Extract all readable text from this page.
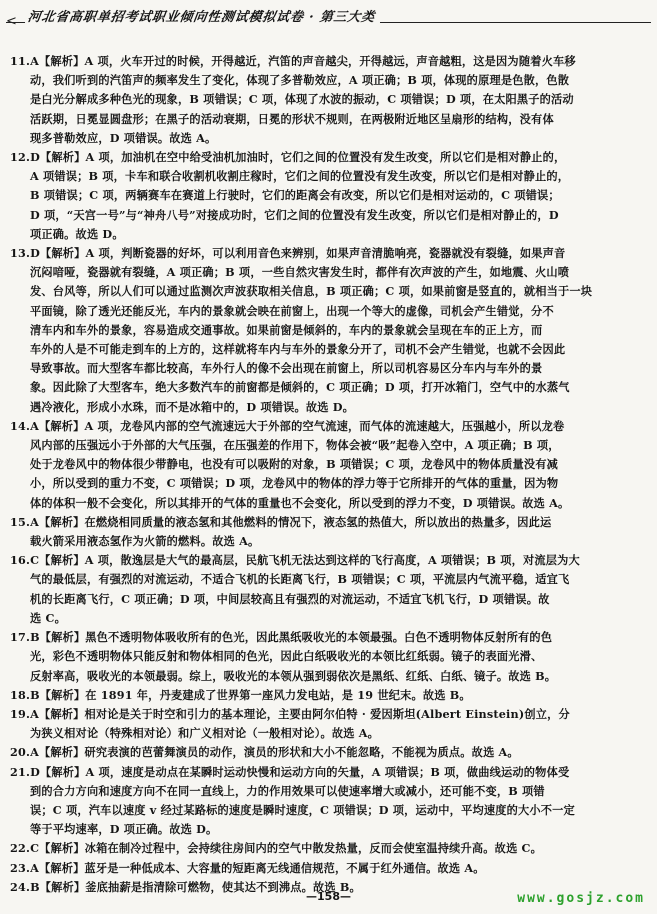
< 河北省高职单招考试职业倾向性测试模拟试卷 · 第三大类
11.A【解析】A 项，火车开过的时候，开得越近，汽笛的声音越尖，开得越远，声音越粗，这是因为随着火车移
动，我们听到的汽笛声的频率发生了变化，体现了多普勒效应，A 项正确；B 项，体现的原理是色散，色散
是白光分解成多种色光的现象，B 项错误；C 项，体现了水波的振动，C 项错误；D 项，在太阳黑子的活动
活跃期，日冕显圆盘形；在黑子的活动衰期，日冕的形状不规则，在两极附近地区呈扇形的结构，没有体
现多普勒效应，D 项错误。故选 A。
12.D【解析】A 项，加油机在空中给受油机加油时，它们之间的位置没有发生改变，所以它们是相对静止的，
A 项错误；B 项，卡车和联合收割机收割庄稼时，它们之间的位置没有发生改变，所以它们是相对静止的，
B 项错误；C 项，两辆赛车在赛道上行驶时，它们的距离会有改变，所以它们是相对运动的，C 项错误；
D 项，“天宫一号”与“神舟八号”对接成功时，它们之间的位置没有发生改变，所以它们是相对静止的，D
项正确。故选 D。
13.D【解析】A 项，判断瓷器的好坏，可以利用音色来辨别，如果声音清脆响亮，瓷器就没有裂缝，如果声音
沉闷喑哑，瓷器就有裂缝，A 项正确；B 项，一些自然灾害发生时，都伴有次声波的产生，如地震、火山喷
发、台风等，所以人们可以通过监测次声波获取相关信息，B 项正确；C 项，如果前窗是竖直的，就相当于一块
平面镜，除了透光还能反光，车内的景象就会映在前窗上，出现一个等大的虚像，司机会产生错觉，分不
清车内和车外的景象，容易造成交通事故。如果前窗是倾斜的，车内的景象就会呈现在车的正上方，而
车外的人是不可能走到车的上方的，这样就将车内与车外的景象分开了，司机不会产生错觉，也就不会因此
导致事故。而大型客车都比较高，车外行人的像不会出现在前窗上，所以司机容易区分车内与车外的景
象。因此除了大型客车，绝大多数汽车的前窗都是倾斜的，C 项正确；D 项，打开冰箱门，空气中的水蒸气
遇冷液化，形成小水珠，而不是冰箱中的，D 项错误。故选 D。
14.A【解析】A 项，龙卷风内部的空气流速远大于外部的空气流速，而气体的流速越大，压强越小，所以龙卷
风内部的压强远小于外部的大气压强，在压强差的作用下，物体会被“吸”起卷入空中，A 项正确；B 项，
处于龙卷风中的物体很少带静电，也没有可以吸附的对象，B 项错误；C 项，龙卷风中的物体质量没有减
小，所以受到的重力不变，C 项错误；D 项，龙卷风中的物体的浮力等于它所排开的气体的重量，因为物
体的体积一般不会变化，所以其排开的气体的重量也不会变化，所以受到的浮力不变，D 项错误。故选 A。
15.A【解析】在燃烧相同质量的液态氢和其他燃料的情况下，液态氢的热值大，所以放出的热量多，因此运
载火箭采用液态氢作为火箭的燃料。故选 A。
16.C【解析】A 项，散逸层是大气的最高层，民航飞机无法达到这样的飞行高度，A 项错误；B 项，对流层为大
气的最低层，有强烈的对流运动，不适合飞机的长距离飞行，B 项错误；C 项，平流层内气流平稳，适宜飞
机的长距离飞行，C 项正确；D 项，中间层较高且有强烈的对流运动，不适宜飞机飞行，D 项错误。故
选 C。
17.B【解析】黑色不透明物体吸收所有的色光，因此黑纸吸收光的本领最强。白色不透明物体反射所有的色
光，彩色不透明物体只能反射和物体相同的色光，因此白纸吸收光的本领比红纸弱。镜子的表面光滑、
反射率高，吸收光的本领最弱。综上，吸收光的本领从强到弱依次是黑纸、红纸、白纸、镜子。故选 B。
18.B【解析】在 1891 年，丹麦建成了世界第一座风力发电站，是 19 世纪末。故选 B。
19.A【解析】相对论是关于时空和引力的基本理论，主要由阿尔伯特 · 爱因斯坦(Albert Einstein)创立，分
为狭义相对论（特殊相对论）和广义相对论（一般相对论）。故选 A。
20.A【解析】研究表演的芭蕾舞演员的动作，演员的形状和大小不能忽略，不能视为质点。故选 A。
21.D【解析】A 项，速度是动点在某瞬时运动快慢和运动方向的矢量，A 项错误；B 项，做曲线运动的物体受
到的合力方向和速度方向不在同一直线上，力的作用效果可以使速率增大或减小，还可能不变，B 项错
误；C 项，汽车以速度 v 经过某路标的速度是瞬时速度，C 项错误；D 项，运动中，平均速度的大小不一定
等于平均速率，D 项正确。故选 D。
22.C【解析】冰箱在制冷过程中，会持续往房间内的空气中散发热量，反而会使室温持续升高。故选 C。
23.A【解析】蓝牙是一种低成本、大容量的短距离无线通信规范，不属于红外通信。故选 A。
24.B【解析】釜底抽薪是指清除可燃物，使其达不到沸点。故选 B。
—158—	www.gosjz.com
